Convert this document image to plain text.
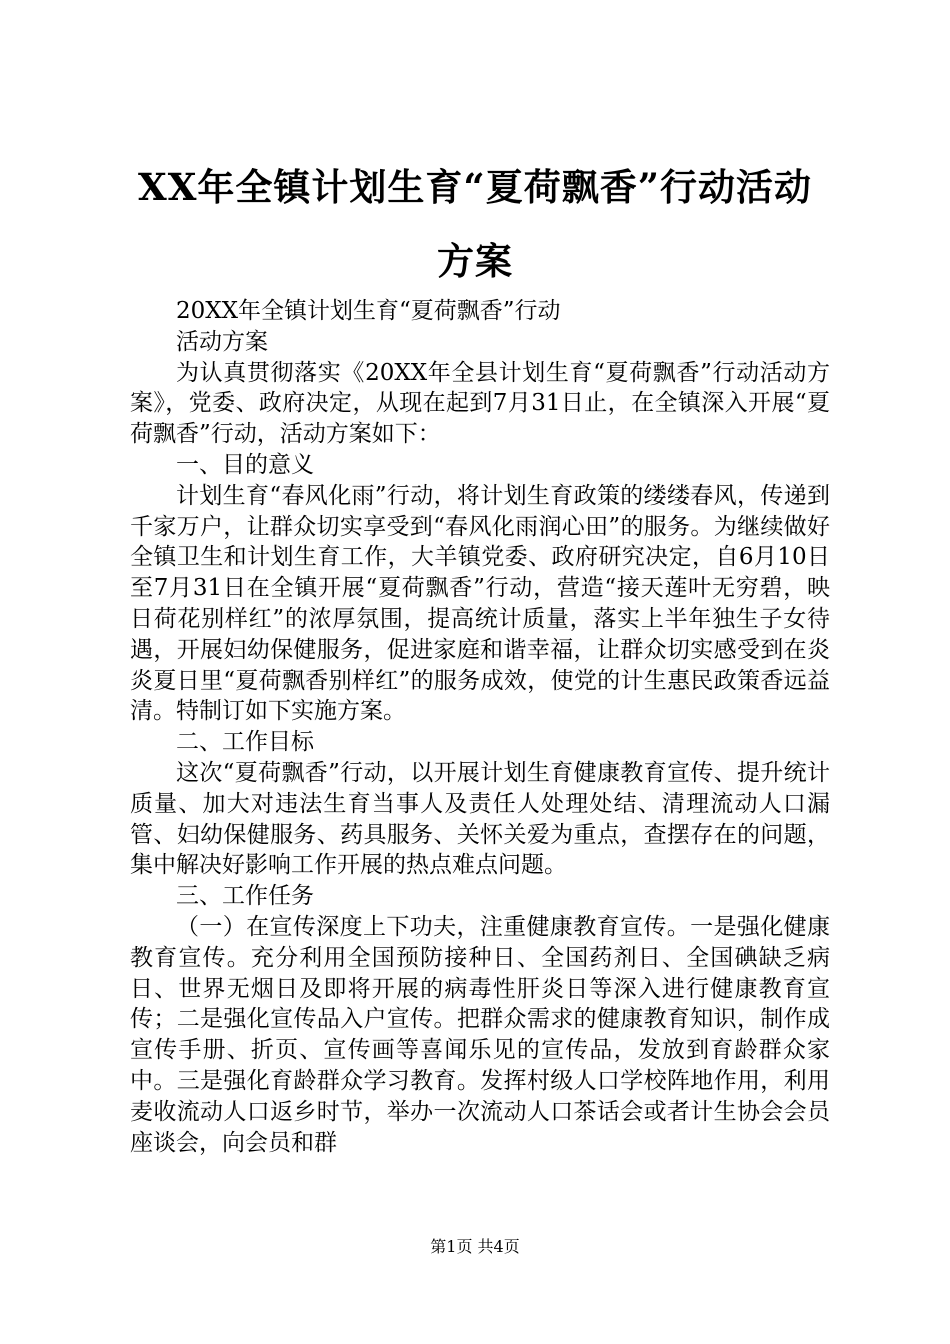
XX年全镇计划生育“夏荷飘香”行动活动方案

20XX年全镇计划生育“夏荷飘香”行动

活动方案

为认真贯彻落实《20XX年全县计划生育“夏荷飘香”行动活动方案》，党委、政府决定，从现在起到7月31日止，在全镇深入开展“夏荷飘香”行动，活动方案如下：

一、目的意义

计划生育“春风化雨”行动，将计划生育政策的缕缕春风，传递到千家万户，让群众切实享受到“春风化雨润心田”的服务。为继续做好全镇卫生和计划生育工作，大羊镇党委、政府研究决定，自6月10日至7月31日在全镇开展“夏荷飘香”行动，营造“接天莲叶无穷碧，映日荷花别样红”的浓厚氛围，提高统计质量，落实上半年独生子女待遇，开展妇幼保健服务，促进家庭和谐幸福，让群众切实感受到在炎炎夏日里“夏荷飘香别样红”的服务成效，使党的计生惠民政策香远益清。特制订如下实施方案。

二、工作目标

这次“夏荷飘香”行动，以开展计划生育健康教育宣传、提升统计质量、加大对违法生育当事人及责任人处理处结、清理流动人口漏管、妇幼保健服务、药具服务、关怀关爱为重点，查摆存在的问题，集中解决好影响工作开展的热点难点问题。

三、工作任务

（一）在宣传深度上下功夫，注重健康教育宣传。一是强化健康教育宣传。充分利用全国预防接种日、全国药剂日、全国碘缺乏病日、世界无烟日及即将开展的病毒性肝炎日等深入进行健康教育宣传；二是强化宣传品入户宣传。把群众需求的健康教育知识，制作成宣传手册、折页、宣传画等喜闻乐见的宣传品，发放到育龄群众家中。三是强化育龄群众学习教育。发挥村级人口学校阵地作用，利用麦收流动人口返乡时节，举办一次流动人口茶话会或者计生协会会员座谈会，向会员和群

第1页 共4页
